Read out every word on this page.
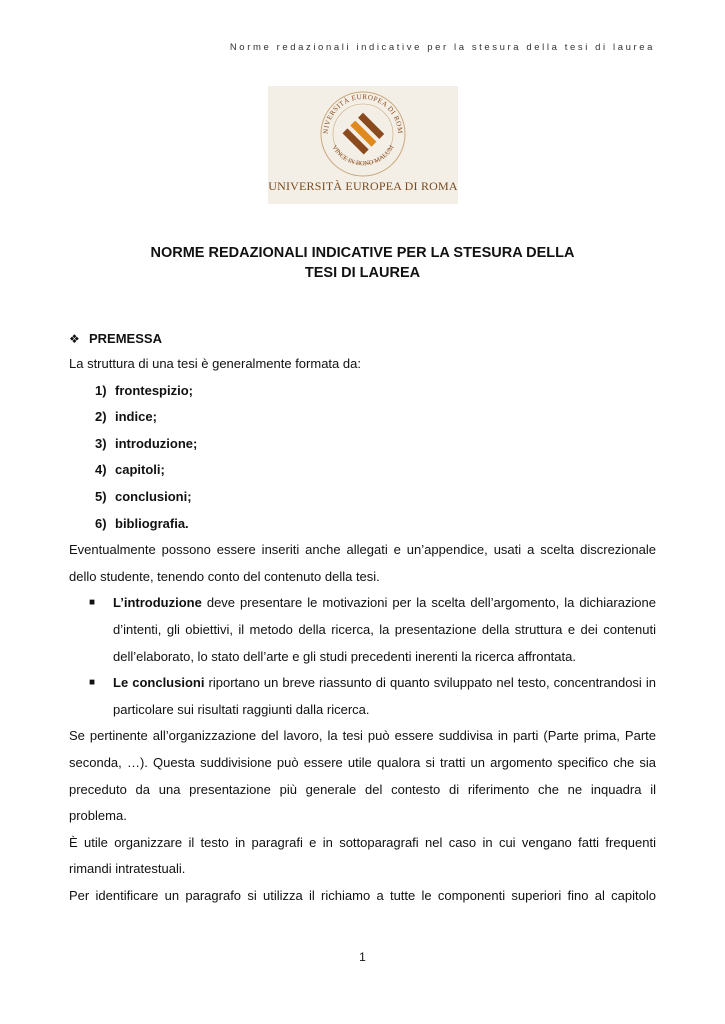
Norme redazionali indicative per la stesura della tesi di laurea
NIVERSITÀ EUROPEA DI ROM
VINCE IN BONO MALUM
UNIVERSITÀ EUROPEA DI ROMA
NORME REDAZIONALI INDICATIVE PER LA STESURA DELLA
TESI DI LAUREA
❖ PREMESSA

La struttura di una tesi è generalmente formata da:

1) frontespizio;
2) indice;
3) introduzione;
4) capitoli;
5) conclusioni;
6) bibliografia.
Eventualmente possono essere inseriti anche allegati e un’appendice, usati a scelta discrezionale
dello studente, tenendo conto del contenuto della tesi.
■ L’introduzione deve presentare le motivazioni per la scelta dell’argomento, la dichiarazione d’intenti, gli obiettivi, il metodo della ricerca, la presentazione della struttura e dei contenuti dell’elaborato, lo stato dell’arte e gli studi precedenti inerenti la ricerca affrontata.
■ Le conclusioni riportano un breve riassunto di quanto sviluppato nel testo, concentrandosi in particolare sui risultati raggiunti dalla ricerca.
Se pertinente all’organizzazione del lavoro, la tesi può essere suddivisa in parti (Parte prima, Parte
seconda, …). Questa suddivisione può essere utile qualora si tratti un argomento specifico che sia
preceduto da una presentazione più generale del contesto di riferimento che ne inquadra il
problema.
È utile organizzare il testo in paragrafi e in sottoparagrafi nel caso in cui vengano fatti frequenti
rimandi intratestuali.
Per identificare un paragrafo si utilizza il richiamo a tutte le componenti superiori fino al capitolo
1
